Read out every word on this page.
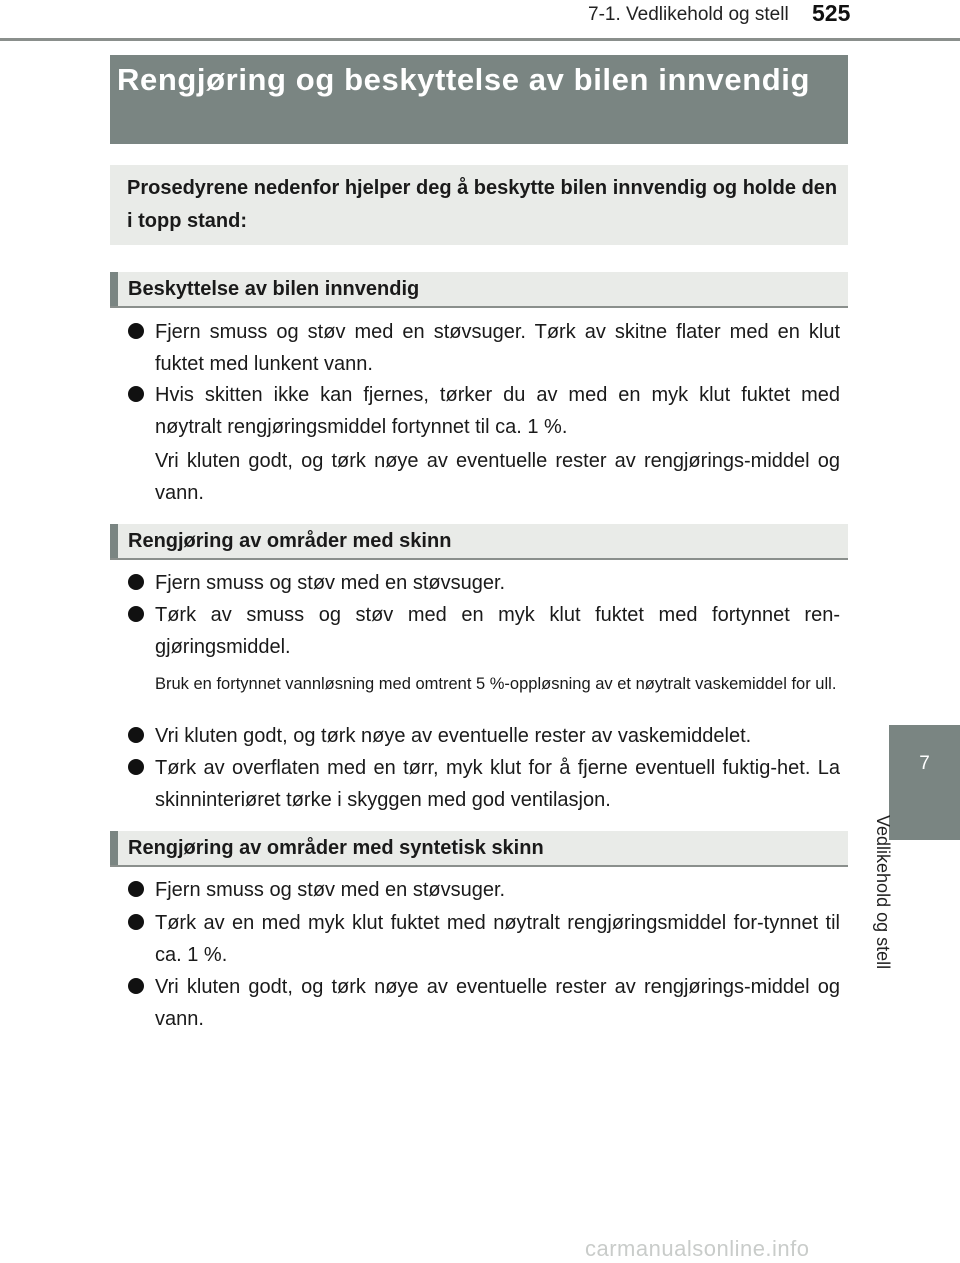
7-1. Vedlikehold og stell 525
Rengjøring og beskyttelse av bilen innvendig
Prosedyrene nedenfor hjelper deg å beskytte bilen innvendig og holde den i topp stand:
Beskyttelse av bilen innvendig
Fjern smuss og støv med en støvsuger. Tørk av skitne flater med en klut fuktet med lunkent vann.
Hvis skitten ikke kan fjernes, tørker du av med en myk klut fuktet med nøytralt rengjøringsmiddel fortynnet til ca. 1 %.
Vri kluten godt, og tørk nøye av eventuelle rester av rengjørings-middel og vann.
Rengjøring av områder med skinn
Fjern smuss og støv med en støvsuger.
Tørk av smuss og støv med en myk klut fuktet med fortynnet ren-gjøringsmiddel.
Bruk en fortynnet vannløsning med omtrent 5 %-oppløsning av et nøytralt vaskemiddel for ull.
Vri kluten godt, og tørk nøye av eventuelle rester av vaskemiddelet.
Tørk av overflaten med en tørr, myk klut for å fjerne eventuell fuktig-het. La skinninteriøret tørke i skyggen med god ventilasjon.
Rengjøring av områder med syntetisk skinn
Fjern smuss og støv med en støvsuger.
Tørk av en med myk klut fuktet med nøytralt rengjøringsmiddel for-tynnet til ca. 1 %.
Vri kluten godt, og tørk nøye av eventuelle rester av rengjørings-middel og vann.
7
Vedlikehold og stell
carmanualsonline.info
